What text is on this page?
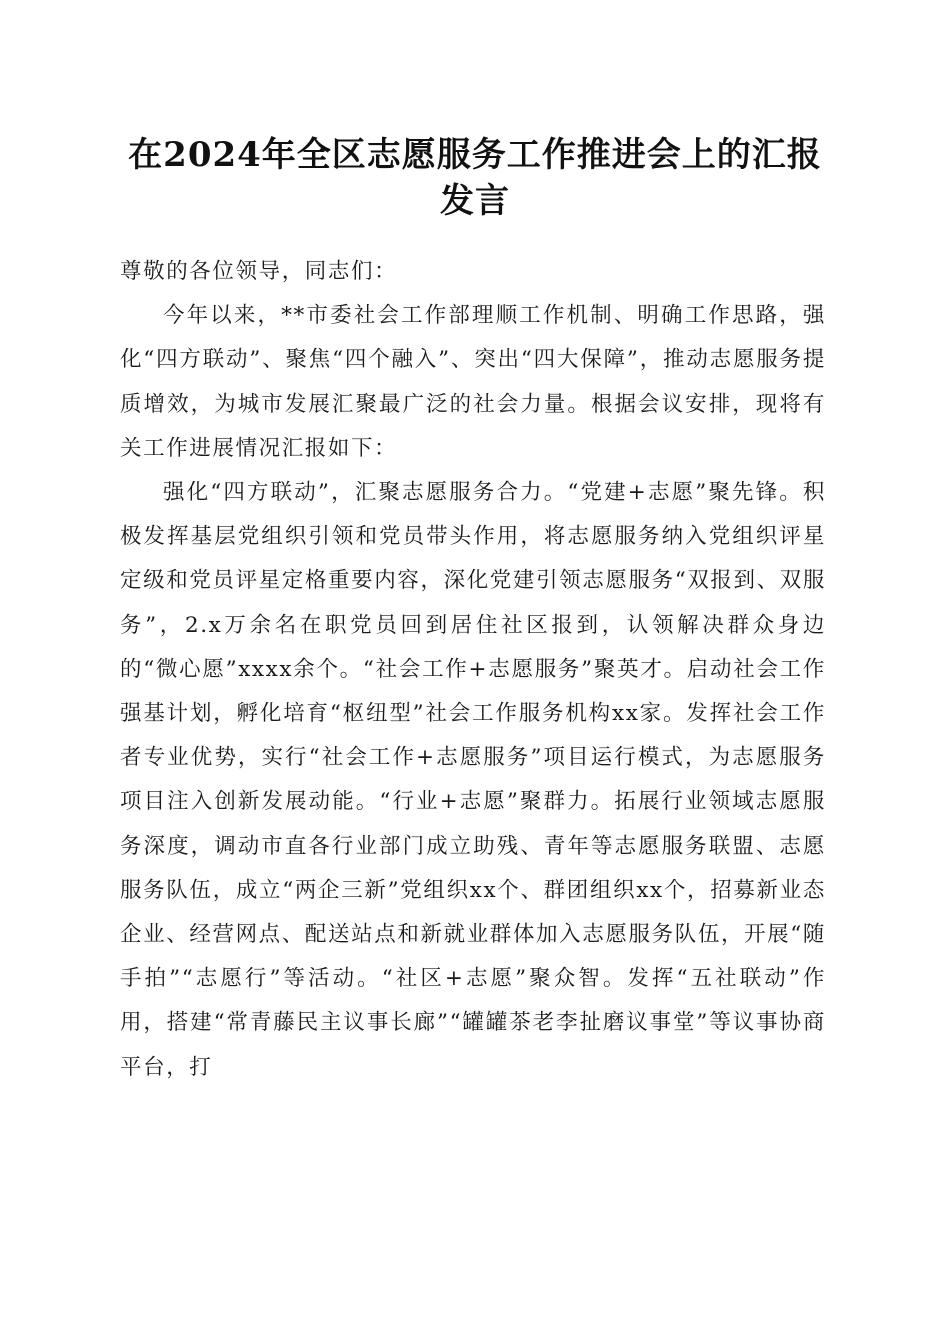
在2024年全区志愿服务工作推进会上的汇报
发言

尊敬的各位领导，同志们：

今年以来，**市委社会工作部理顺工作机制、明确工作思路，强化“四方联动”、聚焦“四个融入”、突出“四大保障”，推动志愿服务提质增效，为城市发展汇聚最广泛的社会力量。根据会议安排，现将有关工作进展情况汇报如下：

强化“四方联动”，汇聚志愿服务合力。“党建+志愿”聚先锋。积极发挥基层党组织引领和党员带头作用，将志愿服务纳入党组织评星定级和党员评星定格重要内容，深化党建引领志愿服务“双报到、双服务”，2.x万余名在职党员回到居住社区报到，认领解决群众身边的“微心愿”xxxx余个。“社会工作+志愿服务”聚英才。启动社会工作强基计划，孵化培育“枢纽型”社会工作服务机构xx家。发挥社会工作者专业优势，实行“社会工作+志愿服务”项目运行模式，为志愿服务项目注入创新发展动能。“行业+志愿”聚群力。拓展行业领域志愿服务深度，调动市直各行业部门成立助残、青年等志愿服务联盟、志愿服务队伍，成立“两企三新”党组织xx个、群团组织xx个，招募新业态企业、经营网点、配送站点和新就业群体加入志愿服务队伍，开展“随手拍”“志愿行”等活动。“社区+志愿”聚众智。发挥“五社联动”作用，搭建“常青藤民主议事长廊”“罐罐茶老李扯磨议事堂”等议事协商平台，打
